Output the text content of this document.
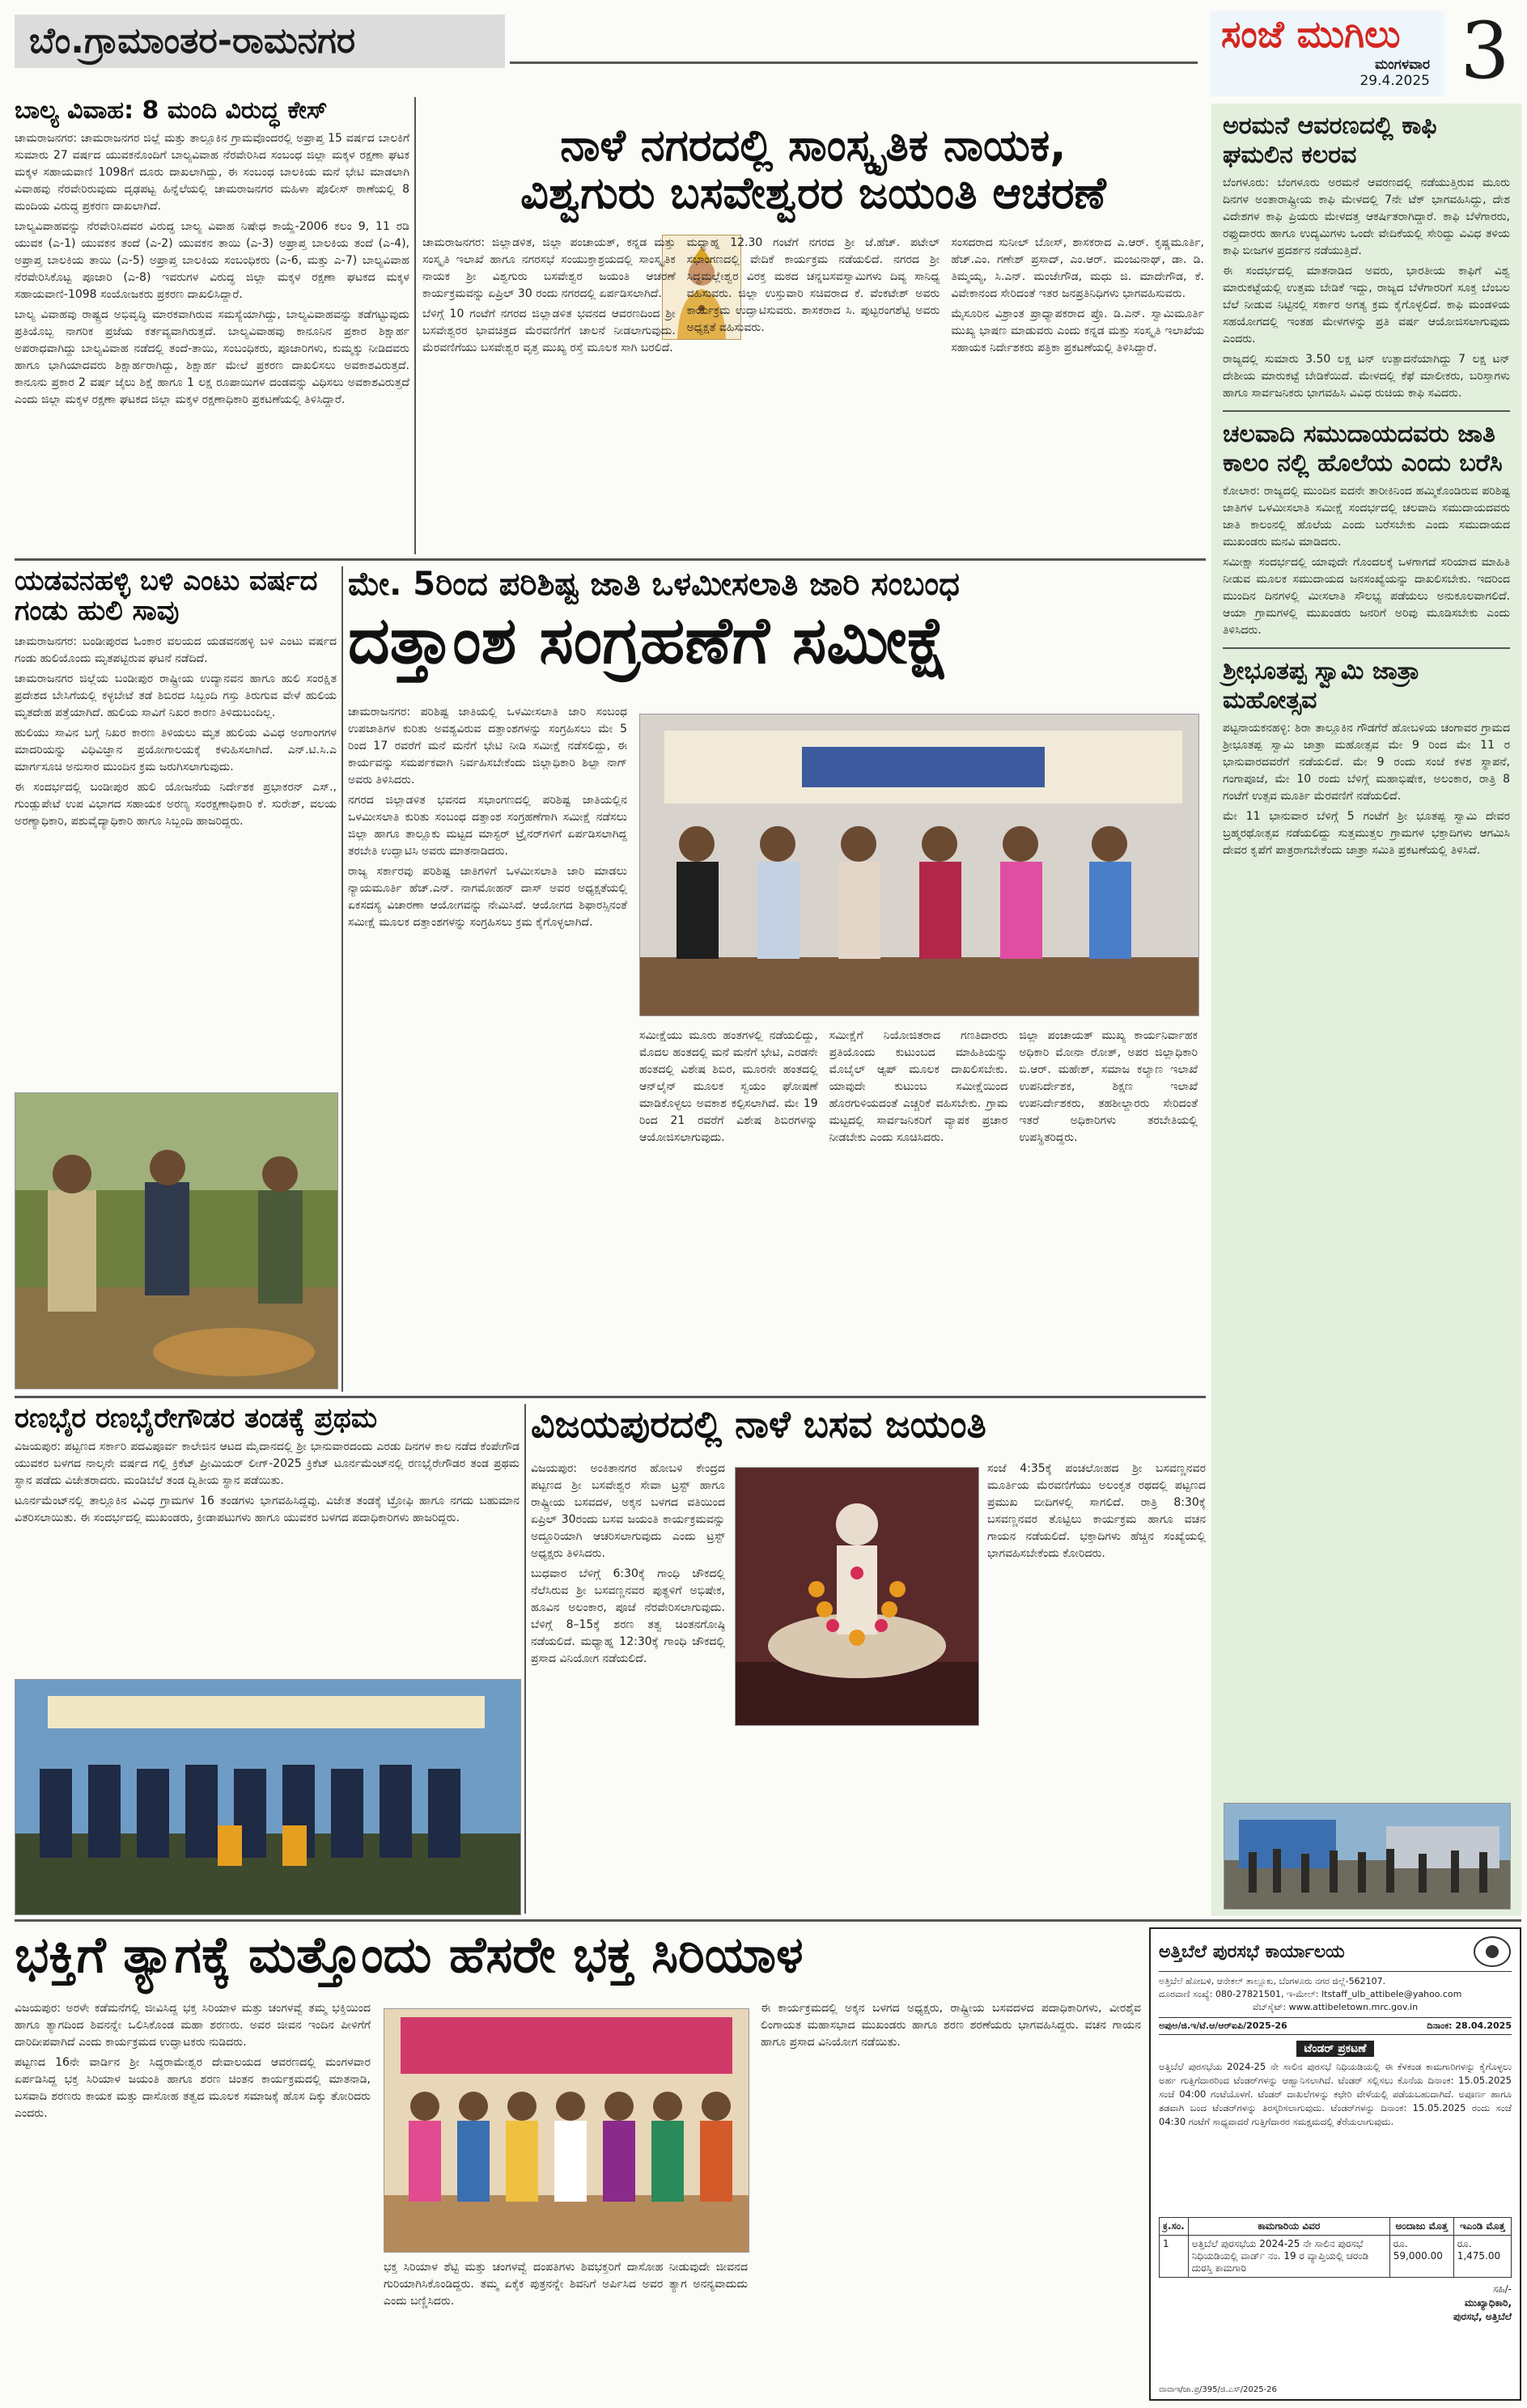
ಬೆಂ.ಗ್ರಾಮಾಂತರ-ರಾಮನಗರ	ಸಂಜೆ ಮುಗಿಲು
ಮಂಗಳವಾರ
29.4.2025 3
ಬಾಲ್ಯ ವಿವಾಹ: 8 ಮಂದಿ ವಿರುದ್ಧ ಕೇಸ್

ಚಾಮರಾಜನಗರ: ಚಾಮರಾಜನಗರ ಜಿಲ್ಲೆ ಮತ್ತು ತಾಲ್ಲೂಕಿನ ಗ್ರಾಮವೊಂದರಲ್ಲಿ ಅಪ್ರಾಪ್ತ 15 ವರ್ಷದ ಬಾಲಕಿಗೆ ಸುಮಾರು 27 ವರ್ಷದ ಯುವಕನೊಂದಿಗೆ ಬಾಲ್ಯವಿವಾಹ ನೆರವೇರಿಸಿದ ಸಂಬಂಧ ಜಿಲ್ಲಾ ಮಕ್ಕಳ ರಕ್ಷಣಾ ಘಟಕ ಮಕ್ಕಳ ಸಹಾಯವಾಣಿ 1098ಗೆ ದೂರು ದಾಖಲಾಗಿದ್ದು, ಈ ಸಂಬಂಧ ಬಾಲಕಿಯ ಮನೆ ಭೇಟಿ ಮಾಡಲಾಗಿ ವಿವಾಹವು ನೆರವೇರಿರುವುದು ದೃಢಪಟ್ಟ ಹಿನ್ನೆಲೆಯಲ್ಲಿ ಚಾಮರಾಜನಗರ ಮಹಿಳಾ ಪೊಲೀಸ್ ಠಾಣೆಯಲ್ಲಿ 8 ಮಂದಿಯ ವಿರುದ್ಧ ಪ್ರಕರಣ ದಾಖಲಾಗಿದೆ.

ಬಾಲ್ಯವಿವಾಹವನ್ನು ನೆರವೇರಿಸಿದವರ ವಿರುದ್ಧ ಬಾಲ್ಯ ವಿವಾಹ ನಿಷೇಧ ಕಾಯ್ದೆ-2006 ಕಲಂ 9, 11 ರಡಿ ಯುವಕ (ಎ-1) ಯುವಕನ ತಂದೆ (ಎ-2) ಯುವಕನ ತಾಯಿ (ಎ-3) ಅಪ್ರಾಪ್ತ ಬಾಲಕಿಯ ತಂದೆ (ಎ-4), ಅಪ್ರಾಪ್ತ ಬಾಲಕಿಯ ತಾಯಿ (ಎ-5) ಅಪ್ರಾಪ್ತ ಬಾಲಕಿಯ ಸಂಬಂಧಿಕರು (ಎ-6, ಮತ್ತು ಎ-7) ಬಾಲ್ಯವಿವಾಹ ನೆರವೇರಿಸಿಕೊಟ್ಟ ಪೂಜಾರಿ (ಎ-8) ಇವರುಗಳ ವಿರುದ್ಧ ಜಿಲ್ಲಾ ಮಕ್ಕಳ ರಕ್ಷಣಾ ಘಟಕದ ಮಕ್ಕಳ ಸಹಾಯವಾಣಿ-1098 ಸಂಯೋಜಕರು ಪ್ರಕರಣ ದಾಖಲಿಸಿದ್ದಾರೆ.

ಬಾಲ್ಯ ವಿವಾಹವು ರಾಷ್ಟ್ರದ ಅಭಿವೃದ್ಧಿ ಮಾರಕವಾಗಿರುವ ಸಮಸ್ಯೆಯಾಗಿದ್ದು, ಬಾಲ್ಯವಿವಾಹವನ್ನು ತಡೆಗಟ್ಟುವುದು ಪ್ರತಿಯೊಬ್ಬ ನಾಗರಿಕ ಪ್ರಜೆಯ ಕರ್ತವ್ಯವಾಗಿರುತ್ತದೆ. ಬಾಲ್ಯವಿವಾಹವು ಕಾನೂನಿನ ಪ್ರಕಾರ ಶಿಕ್ಷಾರ್ಹ ಅಪರಾಧವಾಗಿದ್ದು ಬಾಲ್ಯವಿವಾಹ ನಡೆದಲ್ಲಿ ತಂದೆ-ತಾಯಿ, ಸಂಬಂಧಿಕರು, ಪೂಜಾರಿಗಳು, ಕುಮ್ಮಕ್ಕು ನೀಡಿದವರು ಹಾಗೂ ಭಾಗಿಯಾದವರು ಶಿಕ್ಷಾರ್ಹರಾಗಿದ್ದು, ಶಿಕ್ಷಾರ್ಹ ಮೇಲೆ ಪ್ರಕರಣ ದಾಖಲಿಸಲು ಅವಕಾಶವಿರುತ್ತದೆ. ಕಾನೂನು ಪ್ರಕಾರ 2 ವರ್ಷ ಜೈಲು ಶಿಕ್ಷೆ ಹಾಗೂ 1 ಲಕ್ಷ ರೂಪಾಯಿಗಳ ದಂಡವನ್ನು ವಿಧಿಸಲು ಅವಕಾಶವಿರುತ್ತದೆ ಎಂದು ಜಿಲ್ಲಾ ಮಕ್ಕಳ ರಕ್ಷಣಾ ಘಟಕದ ಜಿಲ್ಲಾ ಮಕ್ಕಳ ರಕ್ಷಣಾಧಿಕಾರಿ ಪ್ರಕಟಣೆಯಲ್ಲಿ ತಿಳಿಸಿದ್ದಾರೆ.

ನಾಳೆ ನಗರದಲ್ಲಿ ಸಾಂಸ್ಕೃತಿಕ ನಾಯಕ,
ವಿಶ್ವಗುರು ಬಸವೇಶ್ವರರ ಜಯಂತಿ ಆಚರಣೆ

ಚಾಮರಾಜನಗರ: ಜಿಲ್ಲಾಡಳಿತ, ಜಿಲ್ಲಾ ಪಂಚಾಯತ್, ಕನ್ನಡ ಮತ್ತು ಸಂಸ್ಕೃತಿ ಇಲಾಖೆ ಹಾಗೂ ನಗರಸಭೆ ಸಂಯುಕ್ತಾಶ್ರಯದಲ್ಲಿ ಸಾಂಸ್ಕೃತಿಕ ನಾಯಕ ಶ್ರೀ ವಿಶ್ವಗುರು ಬಸವೇಶ್ವರ ಜಯಂತಿ ಆಚರಣೆ ಕಾರ್ಯಕ್ರಮವನ್ನು ಏಪ್ರಿಲ್ 30 ರಂದು ನಗರದಲ್ಲಿ ಏರ್ಪಡಿಸಲಾಗಿದೆ.

ಬೆಳಿಗ್ಗೆ 10 ಗಂಟೆಗೆ ನಗರದ ಜಿಲ್ಲಾಡಳಿತ ಭವನದ ಆವರಣದಿಂದ ಶ್ರೀ ಬಸವೇಶ್ವರರ ಭಾವಚಿತ್ರದ ಮೆರವಣಿಗೆಗೆ ಚಾಲನೆ ನೀಡಲಾಗುವುದು. ಮೆರವಣಿಗೆಯು ಬಸವೇಶ್ವರ ವೃತ್ತ ಮುಖ್ಯ ರಸ್ತೆ ಮೂಲಕ ಸಾಗಿ ಬರಲಿದೆ.

ಮಧ್ಯಾಹ್ನ 12.30 ಗಂಟೆಗೆ ನಗರದ ಶ್ರೀ ಜೆ.ಹೆಚ್. ಪಟೇಲ್ ಸಭಾಂಗಣದಲ್ಲಿ ವೇದಿಕೆ ಕಾರ್ಯಕ್ರಮ ನಡೆಯಲಿದೆ. ನಗರದ ಶ್ರೀ ಸಿದ್ಧಮಲ್ಲೇಶ್ವರ ವಿರಕ್ತ ಮಠದ ಚನ್ನಬಸವಸ್ವಾಮಿಗಳು ದಿವ್ಯ ಸಾನಿಧ್ಯ ವಹಿಸುವರು. ಜಿಲ್ಲಾ ಉಸ್ತುವಾರಿ ಸಚಿವರಾದ ಕೆ. ವೆಂಕಟೇಶ್ ಅವರು ಕಾರ್ಯಕ್ರಮ ಉದ್ಘಾಟಿಸುವರು. ಶಾಸಕರಾದ ಸಿ. ಪುಟ್ಟರಂಗಶೆಟ್ಟಿ ಅವರು ಅಧ್ಯಕ್ಷತೆ ವಹಿಸುವರು.

ಸಂಸದರಾದ ಸುನೀಲ್ ಬೋಸ್, ಶಾಸಕರಾದ ಎ.ಆರ್. ಕೃಷ್ಣಮೂರ್ತಿ, ಹೆಚ್.ಎಂ. ಗಣೇಶ್ ಪ್ರಸಾದ್, ಎಂ.ಆರ್. ಮಂಜುನಾಥ್, ಡಾ. ಡಿ. ತಿಮ್ಮಯ್ಯ, ಸಿ.ಎನ್. ಮಂಜೇಗೌಡ, ಮಧು ಜಿ. ಮಾದೇಗೌಡ, ಕೆ. ವಿವೇಕಾನಂದ ಸೇರಿದಂತೆ ಇತರ ಜನಪ್ರತಿನಿಧಿಗಳು ಭಾಗವಹಿಸುವರು.

ಮೈಸೂರಿನ ವಿಶ್ರಾಂತ ಪ್ರಾಧ್ಯಾಪಕರಾದ ಪ್ರೊ. ಡಿ.ಎನ್. ಸ್ವಾಮಿಮೂರ್ತಿ ಮುಖ್ಯ ಭಾಷಣ ಮಾಡುವರು ಎಂದು ಕನ್ನಡ ಮತ್ತು ಸಂಸ್ಕೃತಿ ಇಲಾಖೆಯ ಸಹಾಯಕ ನಿರ್ದೇಶಕರು ಪತ್ರಿಕಾ ಪ್ರಕಟಣೆಯಲ್ಲಿ ತಿಳಿಸಿದ್ದಾರೆ.

ಅರಮನೆ ಆವರಣದಲ್ಲಿ ಕಾಫಿ ಘಮಲಿನ ಕಲರವ

ಬೆಂಗಳೂರು: ಬೆಂಗಳೂರು ಅರಮನೆ ಆವರಣದಲ್ಲಿ ನಡೆಯುತ್ತಿರುವ ಮೂರು ದಿನಗಳ ಅಂತಾರಾಷ್ಟ್ರೀಯ ಕಾಫಿ ಮೇಳದಲ್ಲಿ 7ನೇ ಟೆಕ್ ಭಾಗವಹಿಸಿದ್ದು, ದೇಶ ವಿದೇಶಗಳ ಕಾಫಿ ಪ್ರಿಯರು ಮೇಳದತ್ತ ಆಕರ್ಷಿತರಾಗಿದ್ದಾರೆ. ಕಾಫಿ ಬೆಳೆಗಾರರು, ರಫ್ತುದಾರರು ಹಾಗೂ ಉದ್ಯಮಿಗಳು ಒಂದೇ ವೇದಿಕೆಯಲ್ಲಿ ಸೇರಿದ್ದು ವಿವಿಧ ತಳಿಯ ಕಾಫಿ ಬೀಜಗಳ ಪ್ರದರ್ಶನ ನಡೆಯುತ್ತಿದೆ.

ಈ ಸಂದರ್ಭದಲ್ಲಿ ಮಾತನಾಡಿದ ಅವರು, ಭಾರತೀಯ ಕಾಫಿಗೆ ವಿಶ್ವ ಮಾರುಕಟ್ಟೆಯಲ್ಲಿ ಉತ್ತಮ ಬೇಡಿಕೆ ಇದ್ದು, ರಾಜ್ಯದ ಬೆಳೆಗಾರರಿಗೆ ಸೂಕ್ತ ಬೆಂಬಲ ಬೆಲೆ ನೀಡುವ ನಿಟ್ಟಿನಲ್ಲಿ ಸರ್ಕಾರ ಅಗತ್ಯ ಕ್ರಮ ಕೈಗೊಳ್ಳಲಿದೆ. ಕಾಫಿ ಮಂಡಳಿಯ ಸಹಯೋಗದಲ್ಲಿ ಇಂತಹ ಮೇಳಗಳನ್ನು ಪ್ರತಿ ವರ್ಷ ಆಯೋಜಿಸಲಾಗುವುದು ಎಂದರು.

ರಾಜ್ಯದಲ್ಲಿ ಸುಮಾರು 3.50 ಲಕ್ಷ ಟನ್ ಉತ್ಪಾದನೆಯಾಗಿದ್ದು 7 ಲಕ್ಷ ಟನ್ ದೇಶೀಯ ಮಾರುಕಟ್ಟೆ ಬೇಡಿಕೆಯಿದೆ. ಮೇಳದಲ್ಲಿ ಕೆಫೆ ಮಾಲೀಕರು, ಬರಿಸ್ತಾಗಳು ಹಾಗೂ ಸಾರ್ವಜನಿಕರು ಭಾಗವಹಿಸಿ ವಿವಿಧ ರುಚಿಯ ಕಾಫಿ ಸವಿದರು.

ಚಲವಾದಿ ಸಮುದಾಯದವರು ಜಾತಿ ಕಾಲಂ ನಲ್ಲಿ ಹೊಲೆಯ ಎಂದು ಬರೆಸಿ

ಕೋಲಾರ: ರಾಜ್ಯದಲ್ಲಿ ಮುಂದಿನ ಐದನೇ ತಾರೀಕಿನಿಂದ ಹಮ್ಮಿಕೊಂಡಿರುವ ಪರಿಶಿಷ್ಟ ಜಾತಿಗಳ ಒಳಮೀಸಲಾತಿ ಸಮೀಕ್ಷೆ ಸಂದರ್ಭದಲ್ಲಿ ಚಲವಾದಿ ಸಮುದಾಯದವರು ಜಾತಿ ಕಾಲಂನಲ್ಲಿ ಹೊಲೆಯ ಎಂದು ಬರೆಸಬೇಕು ಎಂದು ಸಮುದಾಯದ ಮುಖಂಡರು ಮನವಿ ಮಾಡಿದರು.

ಸಮೀಕ್ಷಾ ಸಂದರ್ಭದಲ್ಲಿ ಯಾವುದೇ ಗೊಂದಲಕ್ಕೆ ಒಳಗಾಗದೆ ಸರಿಯಾದ ಮಾಹಿತಿ ನೀಡುವ ಮೂಲಕ ಸಮುದಾಯದ ಜನಸಂಖ್ಯೆಯನ್ನು ದಾಖಲಿಸಬೇಕು. ಇದರಿಂದ ಮುಂದಿನ ದಿನಗಳಲ್ಲಿ ಮೀಸಲಾತಿ ಸೌಲಭ್ಯ ಪಡೆಯಲು ಅನುಕೂಲವಾಗಲಿದೆ. ಆಯಾ ಗ್ರಾಮಗಳಲ್ಲಿ ಮುಖಂಡರು ಜನರಿಗೆ ಅರಿವು ಮೂಡಿಸಬೇಕು ಎಂದು ತಿಳಿಸಿದರು.

ಶ್ರೀಭೂತಪ್ಪ ಸ್ವಾಮಿ ಜಾತ್ರಾ ಮಹೋತ್ಸವ

ಪಟ್ಟನಾಯಕನಹಳ್ಳಿ: ಶಿರಾ ತಾಲ್ಲೂಕಿನ ಗೌಡಗೆರೆ ಹೋಬಳಿಯ ಚಂಗಾವರ ಗ್ರಾಮದ ಶ್ರೀಭೂತಪ್ಪ ಸ್ವಾಮಿ ಜಾತ್ರಾ ಮಹೋತ್ಸವ ಮೇ 9 ರಿಂದ ಮೇ 11 ರ ಭಾನುವಾರದವರೆಗೆ ನಡೆಯಲಿದೆ. ಮೇ 9 ರಂದು ಸಂಜೆ ಕಳಶ ಸ್ಥಾಪನೆ, ಗಂಗಾಪೂಜೆ, ಮೇ 10 ರಂದು ಬೆಳಿಗ್ಗೆ ಮಹಾಭಿಷೇಕ, ಅಲಂಕಾರ, ರಾತ್ರಿ 8 ಗಂಟೆಗೆ ಉತ್ಸವ ಮೂರ್ತಿ ಮೆರವಣಿಗೆ ನಡೆಯಲಿದೆ.

ಮೇ 11 ಭಾನುವಾರ ಬೆಳಿಗ್ಗೆ 5 ಗಂಟೆಗೆ ಶ್ರೀ ಭೂತಪ್ಪ ಸ್ವಾಮಿ ದೇವರ ಬ್ರಹ್ಮರಥೋತ್ಸವ ನಡೆಯಲಿದ್ದು ಸುತ್ತಮುತ್ತಲ ಗ್ರಾಮಗಳ ಭಕ್ತಾದಿಗಳು ಆಗಮಿಸಿ ದೇವರ ಕೃಪೆಗೆ ಪಾತ್ರರಾಗಬೇಕೆಂದು ಜಾತ್ರಾ ಸಮಿತಿ ಪ್ರಕಟಣೆಯಲ್ಲಿ ತಿಳಿಸಿದೆ.

ಯಡವನಹಳ್ಳಿ ಬಳಿ ಎಂಟು ವರ್ಷದ ಗಂಡು ಹುಲಿ ಸಾವು

ಚಾಮರಾಜನಗರ: ಬಂಡೀಪುರದ ಓಂಕಾರ ವಲಯದ ಯಡವನಹಳ್ಳಿ ಬಳಿ ಎಂಟು ವರ್ಷದ ಗಂಡು ಹುಲಿಯೊಂದು ಮೃತಪಟ್ಟಿರುವ ಘಟನೆ ನಡೆದಿದೆ.

ಚಾಮರಾಜನಗರ ಜಿಲ್ಲೆಯ ಬಂಡೀಪುರ ರಾಷ್ಟ್ರೀಯ ಉದ್ಯಾನವನ ಹಾಗೂ ಹುಲಿ ಸಂರಕ್ಷಿತ ಪ್ರದೇಶದ ಬೇಸಿಗೆಯಲ್ಲಿ ಕಳ್ಳಬೇಟೆ ತಡೆ ಶಿಬಿರದ ಸಿಬ್ಬಂದಿ ಗಸ್ತು ತಿರುಗುವ ವೇಳೆ ಹುಲಿಯ ಮೃತದೇಹ ಪತ್ತೆಯಾಗಿದೆ. ಹುಲಿಯ ಸಾವಿಗೆ ನಿಖರ ಕಾರಣ ತಿಳಿದುಬಂದಿಲ್ಲ.

ಹುಲಿಯು ಸಾವಿನ ಬಗ್ಗೆ ನಿಖರ ಕಾರಣ ತಿಳಿಯಲು ಮೃತ ಹುಲಿಯ ವಿವಿಧ ಅಂಗಾಂಗಗಳ ಮಾದರಿಯನ್ನು ವಿಧಿವಿಜ್ಞಾನ ಪ್ರಯೋಗಾಲಯಕ್ಕೆ ಕಳುಹಿಸಲಾಗಿದೆ. ಎನ್.ಟಿ.ಸಿ.ಎ ಮಾರ್ಗಸೂಚಿ ಅನುಸಾರ ಮುಂದಿನ ಕ್ರಮ ಜರುಗಿಸಲಾಗುವುದು.

ಈ ಸಂದರ್ಭದಲ್ಲಿ ಬಂಡೀಪುರ ಹುಲಿ ಯೋಜನೆಯ ನಿರ್ದೇಶಕ ಪ್ರಭಾಕರನ್ ಎಸ್., ಗುಂಡ್ಲುಪೇಟೆ ಉಪ ವಿಭಾಗದ ಸಹಾಯಕ ಅರಣ್ಯ ಸಂರಕ್ಷಣಾಧಿಕಾರಿ ಕೆ. ಸುರೇಶ್, ವಲಯ ಅರಣ್ಯಾಧಿಕಾರಿ, ಪಶುವೈದ್ಯಾಧಿಕಾರಿ ಹಾಗೂ ಸಿಬ್ಬಂದಿ ಹಾಜರಿದ್ದರು.

ಮೇ. 5ರಿಂದ ಪರಿಶಿಷ್ಟ ಜಾತಿ ಒಳಮೀಸಲಾತಿ ಜಾರಿ ಸಂಬಂಧ
ದತ್ತಾಂಶ ಸಂಗ್ರಹಣೆಗೆ ಸಮೀಕ್ಷೆ

ಚಾಮರಾಜನಗರ: ಪರಿಶಿಷ್ಟ ಜಾತಿಯಲ್ಲಿ ಒಳಮೀಸಲಾತಿ ಜಾರಿ ಸಂಬಂಧ ಉಪಜಾತಿಗಳ ಕುರಿತು ಅವಶ್ಯವಿರುವ ದತ್ತಾಂಶಗಳನ್ನು ಸಂಗ್ರಹಿಸಲು ಮೇ 5 ರಿಂದ 17 ರವರೆಗೆ ಮನೆ ಮನೆಗೆ ಭೇಟಿ ನೀಡಿ ಸಮೀಕ್ಷೆ ನಡೆಸಲಿದ್ದು, ಈ ಕಾರ್ಯವನ್ನು ಸಮರ್ಪಕವಾಗಿ ನಿರ್ವಹಿಸಬೇಕೆಂದು ಜಿಲ್ಲಾಧಿಕಾರಿ ಶಿಲ್ಪಾ ನಾಗ್ ಅವರು ತಿಳಿಸಿದರು.

ನಗರದ ಜಿಲ್ಲಾಡಳಿತ ಭವನದ ಸಭಾಂಗಣದಲ್ಲಿ ಪರಿಶಿಷ್ಟ ಜಾತಿಯಲ್ಲಿನ ಒಳಮೀಸಲಾತಿ ಕುರಿತು ಸಂಬಂಧ ದತ್ತಾಂಶ ಸಂಗ್ರಹಣೆಗಾಗಿ ಸಮೀಕ್ಷೆ ನಡೆಸಲು ಜಿಲ್ಲಾ ಹಾಗೂ ತಾಲ್ಲೂಕು ಮಟ್ಟದ ಮಾಸ್ಟರ್ ಟ್ರೈನರ್‌ಗಳಿಗೆ ಏರ್ಪಡಿಸಲಾಗಿದ್ದ ತರಬೇತಿ ಉದ್ಘಾಟಿಸಿ ಅವರು ಮಾತನಾಡಿದರು.

ರಾಜ್ಯ ಸರ್ಕಾರವು ಪರಿಶಿಷ್ಟ ಜಾತಿಗಳಿಗೆ ಒಳಮೀಸಲಾತಿ ಜಾರಿ ಮಾಡಲು ನ್ಯಾಯಮೂರ್ತಿ ಹೆಚ್.ಎನ್. ನಾಗಮೋಹನ್ ದಾಸ್ ಅವರ ಅಧ್ಯಕ್ಷತೆಯಲ್ಲಿ ಏಕಸದಸ್ಯ ವಿಚಾರಣಾ ಆಯೋಗವನ್ನು ನೇಮಿಸಿದೆ. ಆಯೋಗದ ಶಿಫಾರಸ್ಸಿನಂತೆ ಸಮೀಕ್ಷೆ ಮೂಲಕ ದತ್ತಾಂಶಗಳನ್ನು ಸಂಗ್ರಹಿಸಲು ಕ್ರಮ ಕೈಗೊಳ್ಳಲಾಗಿದೆ.

ಸಮೀಕ್ಷೆಯು ಮೂರು ಹಂತಗಳಲ್ಲಿ ನಡೆಯಲಿದ್ದು, ಮೊದಲ ಹಂತದಲ್ಲಿ ಮನೆ ಮನೆಗೆ ಭೇಟಿ, ಎರಡನೇ ಹಂತದಲ್ಲಿ ವಿಶೇಷ ಶಿಬಿರ, ಮೂರನೇ ಹಂತದಲ್ಲಿ ಆನ್‌ಲೈನ್ ಮೂಲಕ ಸ್ವಯಂ ಘೋಷಣೆ ಮಾಡಿಕೊಳ್ಳಲು ಅವಕಾಶ ಕಲ್ಪಿಸಲಾಗಿದೆ. ಮೇ 19 ರಿಂದ 21 ರವರೆಗೆ ವಿಶೇಷ ಶಿಬಿರಗಳನ್ನು ಆಯೋಜಿಸಲಾಗುವುದು.

ಸಮೀಕ್ಷೆಗೆ ನಿಯೋಜಿತರಾದ ಗಣತಿದಾರರು ಪ್ರತಿಯೊಂದು ಕುಟುಂಬದ ಮಾಹಿತಿಯನ್ನು ಮೊಬೈಲ್ ಆ್ಯಪ್ ಮೂಲಕ ದಾಖಲಿಸಬೇಕು. ಯಾವುದೇ ಕುಟುಂಬ ಸಮೀಕ್ಷೆಯಿಂದ ಹೊರಗುಳಿಯದಂತೆ ಎಚ್ಚರಿಕೆ ವಹಿಸಬೇಕು. ಗ್ರಾಮ ಮಟ್ಟದಲ್ಲಿ ಸಾರ್ವಜನಿಕರಿಗೆ ವ್ಯಾಪಕ ಪ್ರಚಾರ ನೀಡಬೇಕು ಎಂದು ಸೂಚಿಸಿದರು.

ಜಿಲ್ಲಾ ಪಂಚಾಯತ್ ಮುಖ್ಯ ಕಾರ್ಯನಿರ್ವಾಹಕ ಅಧಿಕಾರಿ ಮೋನಾ ರೋತ್, ಅಪರ ಜಿಲ್ಲಾಧಿಕಾರಿ ಬಿ.ಆರ್. ಮಹೇಶ್, ಸಮಾಜ ಕಲ್ಯಾಣ ಇಲಾಖೆ ಉಪನಿರ್ದೇಶಕ, ಶಿಕ್ಷಣ ಇಲಾಖೆ ಉಪನಿರ್ದೇಶಕರು, ತಹಶೀಲ್ದಾರರು ಸೇರಿದಂತೆ ಇತರೆ ಅಧಿಕಾರಿಗಳು ತರಬೇತಿಯಲ್ಲಿ ಉಪಸ್ಥಿತರಿದ್ದರು.

ರಣಭೈರ ರಣಭೈರೇಗೌಡರ ತಂಡಕ್ಕೆ ಪ್ರಥಮ

ವಿಜಯಪುರ: ಪಟ್ಟಣದ ಸರ್ಕಾರಿ ಪದವಿಪೂರ್ವ ಕಾಲೇಜಿನ ಆಟದ ಮೈದಾನದಲ್ಲಿ ಶ್ರೀ ಭಾನುವಾರದಂದು ಎರಡು ದಿನಗಳ ಕಾಲ ನಡೆದ ಕೆಂಪೇಗೌಡ ಯುವಕರ ಬಳಗದ ನಾಲ್ಕನೇ ವರ್ಷದ ಗಲ್ಲಿ ಕ್ರಿಕೆಟ್ ಪ್ರೀಮಿಯರ್ ಲೀಗ್-2025 ಕ್ರಿಕೆಟ್ ಟೂರ್ನಮೆಂಟ್‌ನಲ್ಲಿ ರಣಭೈರೇಗೌಡರ ತಂಡ ಪ್ರಥಮ ಸ್ಥಾನ ಪಡೆದು ವಿಜೇತರಾದರು. ಮಂಡಿಬೆಲೆ ತಂಡ ದ್ವಿತೀಯ ಸ್ಥಾನ ಪಡೆಯಿತು.

ಟೂರ್ನಮೆಂಟ್‌ನಲ್ಲಿ ತಾಲ್ಲೂಕಿನ ವಿವಿಧ ಗ್ರಾಮಗಳ 16 ತಂಡಗಳು ಭಾಗವಹಿಸಿದ್ದವು. ವಿಜೇತ ತಂಡಕ್ಕೆ ಟ್ರೋಫಿ ಹಾಗೂ ನಗದು ಬಹುಮಾನ ವಿತರಿಸಲಾಯಿತು. ಈ ಸಂದರ್ಭದಲ್ಲಿ ಮುಖಂಡರು, ಕ್ರೀಡಾಪಟುಗಳು ಹಾಗೂ ಯುವಕರ ಬಳಗದ ಪದಾಧಿಕಾರಿಗಳು ಹಾಜರಿದ್ದರು.

ವಿಜಯಪುರದಲ್ಲಿ ನಾಳೆ ಬಸವ ಜಯಂತಿ

ವಿಜಯಪುರ: ಅಂಕಿತಾನಗರ ಹೋಬಳಿ ಕೇಂದ್ರದ ಪಟ್ಟಣದ ಶ್ರೀ ಬಸವೇಶ್ವರ ಸೇವಾ ಟ್ರಸ್ಟ್ ಹಾಗೂ ರಾಷ್ಟ್ರೀಯ ಬಸವದಳ, ಅಕ್ಕನ ಬಳಗದ ವತಿಯಿಂದ ಏಪ್ರಿಲ್ 30ರಂದು ಬಸವ ಜಯಂತಿ ಕಾರ್ಯಕ್ರಮವನ್ನು ಅದ್ದೂರಿಯಾಗಿ ಆಚರಿಸಲಾಗುವುದು ಎಂದು ಟ್ರಸ್ಟ್ ಅಧ್ಯಕ್ಷರು ತಿಳಿಸಿದರು.

ಬುಧವಾರ ಬೆಳಿಗ್ಗೆ 6:30ಕ್ಕೆ ಗಾಂಧಿ ಚೌಕದಲ್ಲಿ ನೆಲೆಸಿರುವ ಶ್ರೀ ಬಸವಣ್ಣನವರ ಪುತ್ಥಳಿಗೆ ಅಭಿಷೇಕ, ಹೂವಿನ ಅಲಂಕಾರ, ಪೂಜೆ ನೆರವೇರಿಸಲಾಗುವುದು. ಬೆಳಿಗ್ಗೆ 8–15ಕ್ಕೆ ಶರಣ ತತ್ವ ಚಿಂತನಗೋಷ್ಠಿ ನಡೆಯಲಿದೆ. ಮಧ್ಯಾಹ್ನ 12:30ಕ್ಕೆ ಗಾಂಧಿ ಚೌಕದಲ್ಲಿ ಪ್ರಸಾದ ವಿನಿಯೋಗ ನಡೆಯಲಿದೆ.

ಸಂಜೆ 4:35ಕ್ಕೆ ಪಂಚಲೋಹದ ಶ್ರೀ ಬಸವಣ್ಣನವರ ಮೂರ್ತಿಯ ಮೆರವಣಿಗೆಯು ಅಲಂಕೃತ ರಥದಲ್ಲಿ ಪಟ್ಟಣದ ಪ್ರಮುಖ ಬೀದಿಗಳಲ್ಲಿ ಸಾಗಲಿದೆ. ರಾತ್ರಿ 8:30ಕ್ಕೆ ಬಸವಣ್ಣನವರ ತೊಟ್ಟಿಲು ಕಾರ್ಯಕ್ರಮ ಹಾಗೂ ವಚನ ಗಾಯನ ನಡೆಯಲಿದೆ. ಭಕ್ತಾದಿಗಳು ಹೆಚ್ಚಿನ ಸಂಖ್ಯೆಯಲ್ಲಿ ಭಾಗವಹಿಸಬೇಕೆಂದು ಕೋರಿದರು.

ಭಕ್ತಿಗೆ ತ್ಯಾಗಕ್ಕೆ ಮತ್ತೊಂದು ಹೆಸರೇ ಭಕ್ತ ಸಿರಿಯಾಳ

ವಿಜಯಪುರ: ಅರಳೇ ಕಡೆಮನೆಗಲ್ಲಿ ಜೀವಿಸಿದ್ದ ಭಕ್ತ ಸಿರಿಯಾಳ ಮತ್ತು ಚಂಗಳವ್ವೆ ತಮ್ಮ ಭಕ್ತಿಯಿಂದ ಹಾಗೂ ತ್ಯಾಗದಿಂದ ಶಿವನನ್ನೇ ಒಲಿಸಿಕೊಂಡ ಮಹಾ ಶರಣರು. ಅವರ ಜೀವನ ಇಂದಿನ ಪೀಳಿಗೆಗೆ ದಾರಿದೀಪವಾಗಿದೆ ಎಂದು ಕಾರ್ಯಕ್ರಮದ ಉದ್ಘಾಟಕರು ನುಡಿದರು.

ಪಟ್ಟಣದ 16ನೇ ವಾರ್ಡಿನ ಶ್ರೀ ಸಿದ್ಧರಾಮೇಶ್ವರ ದೇವಾಲಯದ ಆವರಣದಲ್ಲಿ ಮಂಗಳವಾರ ಏರ್ಪಡಿಸಿದ್ದ ಭಕ್ತ ಸಿರಿಯಾಳ ಜಯಂತಿ ಹಾಗೂ ಶರಣ ಚಿಂತನ ಕಾರ್ಯಕ್ರಮದಲ್ಲಿ ಮಾತನಾಡಿ, ಬಸವಾದಿ ಶರಣರು ಕಾಯಕ ಮತ್ತು ದಾಸೋಹ ತತ್ವದ ಮೂಲಕ ಸಮಾಜಕ್ಕೆ ಹೊಸ ದಿಕ್ಕು ತೋರಿದರು ಎಂದರು.

ಭಕ್ತ ಸಿರಿಯಾಳ ಶೆಟ್ಟಿ ಮತ್ತು ಚಂಗಳವ್ವೆ ದಂಪತಿಗಳು ಶಿವಭಕ್ತರಿಗೆ ದಾಸೋಹ ನೀಡುವುದೇ ಜೀವನದ ಗುರಿಯಾಗಿಸಿಕೊಂಡಿದ್ದರು. ತಮ್ಮ ಏಕೈಕ ಪುತ್ರನನ್ನೇ ಶಿವನಿಗೆ ಅರ್ಪಿಸಿದ ಅವರ ತ್ಯಾಗ ಅನನ್ಯವಾದುದು ಎಂದು ಬಣ್ಣಿಸಿದರು.

ಈ ಕಾರ್ಯಕ್ರಮದಲ್ಲಿ ಅಕ್ಕನ ಬಳಗದ ಅಧ್ಯಕ್ಷರು, ರಾಷ್ಟ್ರೀಯ ಬಸವದಳದ ಪದಾಧಿಕಾರಿಗಳು, ವೀರಶೈವ ಲಿಂಗಾಯತ ಮಹಾಸಭಾದ ಮುಖಂಡರು ಹಾಗೂ ಶರಣ ಶರಣೆಯರು ಭಾಗವಹಿಸಿದ್ದರು. ವಚನ ಗಾಯನ ಹಾಗೂ ಪ್ರಸಾದ ವಿನಿಯೋಗ ನಡೆಯಿತು.

ಅತ್ತಿಬೆಲೆ ಪುರಸಭೆ ಕಾರ್ಯಾಲಯ
ಅತ್ತಿಬೆಲೆ ಹೋಬಳಿ, ಆನೇಕಲ್ ತಾಲ್ಲೂಕು, ಬೆಂಗಳೂರು ನಗರ ಜಿಲ್ಲೆ-562107.
ದೂರವಾಣಿ ಸಂಖ್ಯೆ: 080-27821501, ಇ-ಮೇಲ್: ltstaff_ulb_attibele@yahoo.com
ವೆಬ್‌ಸೈಟ್: www.attibeletown.mrc.gov.in
ಅಪುಅ/ಜಿ.ಇ/ಟೆ.ಆ/ಆರ್‌ಐಪಿ/2025-26	ದಿನಾಂಕ: 28.04.2025
ಟೆಂಡರ್ ಪ್ರಕಟಣೆ
ಅತ್ತಿಬೆಲೆ ಪುರಸಭೆಯ 2024-25 ನೇ ಸಾಲಿನ ಪುರಸಭೆ ನಿಧಿಯಡಿಯಲ್ಲಿ ಈ ಕೆಳಕಂಡ ಕಾಮಗಾರಿಗಳನ್ನು ಕೈಗೊಳ್ಳಲು ಅರ್ಹ ಗುತ್ತಿಗೆದಾರರಿಂದ ಟೆಂಡರ್‌ಗಳನ್ನು ಆಹ್ವಾನಿಸಲಾಗಿದೆ. ಟೆಂಡರ್ ಸಲ್ಲಿಸಲು ಕೊನೆಯ ದಿನಾಂಕ: 15.05.2025 ಸಂಜೆ 04:00 ಗಂಟೆಯೊಳಗೆ. ಟೆಂಡರ್ ದಾಖಲೆಗಳನ್ನು ಕಛೇರಿ ವೇಳೆಯಲ್ಲಿ ಪಡೆಯಬಹುದಾಗಿದೆ. ಅಪೂರ್ಣ ಹಾಗೂ ತಡವಾಗಿ ಬಂದ ಟೆಂಡರ್‌ಗಳನ್ನು ತಿರಸ್ಕರಿಸಲಾಗುವುದು. ಟೆಂಡರ್‌ಗಳನ್ನು ದಿನಾಂಕ: 15.05.2025 ರಂದು ಸಂಜೆ 04:30 ಗಂಟೆಗೆ ಸಾಧ್ಯವಾದರೆ ಗುತ್ತಿಗೆದಾರರ ಸಮಕ್ಷಮದಲ್ಲಿ ತೆರೆಯಲಾಗುವುದು.
ಕ್ರ.ಸಂ.	ಕಾಮಗಾರಿಯ ವಿವರ	ಅಂದಾಜು ಮೊತ್ತ	ಇಎಂಡಿ ಮೊತ್ತ
1	ಅತ್ತಿಬೆಲೆ ಪುರಸಭೆಯ 2024-25 ನೇ ಸಾಲಿನ ಪುರಸಭೆ ನಿಧಿಯಡಿಯಲ್ಲಿ ವಾರ್ಡ್ ನಂ. 19 ರ ವ್ಯಾಪ್ತಿಯಲ್ಲಿ ಚರಂಡಿ ದುರಸ್ತಿ ಕಾಮಗಾರಿ	ರೂ. 59,000.00	ರೂ. 1,475.00
ಸಹಿ/-
ಮುಖ್ಯಾಧಿಕಾರಿ,
ಪುರಸಭೆ, ಅತ್ತಿಬೆಲೆ
ವಾವಾಇ/ಜಾ.ಪ್ರ/395/ಜಿ.ಎಸ್/2025-26
